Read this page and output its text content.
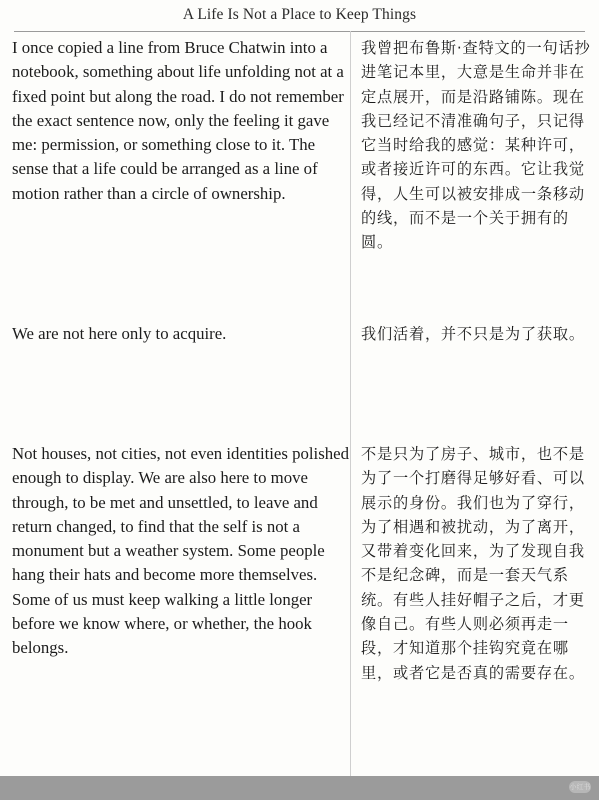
A Life Is Not a Place to Keep Things
I once copied a line from Bruce Chatwin into a notebook, something about life unfolding not at a fixed point but along the road. I do not remember the exact sentence now, only the feeling it gave me: permission, or something close to it. The sense that a life could be arranged as a line of motion rather than a circle of ownership.
我曾把布鲁斯·查特文的一句话抄进笔记本里，大意是生命并非在定点展开，而是沿路铺陈。现在我已经记不清准确句子，只记得它当时给我的感觉：某种许可，或者接近许可的东西。它让我觉得，人生可以被安排成一条移动的线，而不是一个关于拥有的圆。
We are not here only to acquire.	我们活着，并不只是为了获取。
Not houses, not cities, not even identities polished enough to display. We are also here to move through, to be met and unsettled, to leave and return changed, to find that the self is not a monument but a weather system. Some people hang their hats and become more themselves. Some of us must keep walking a little longer before we know where, or whether, the hook belongs.
不是只为了房子、城市，也不是为了一个打磨得足够好看、可以展示的身份。我们也为了穿行，为了相遇和被扰动，为了离开，又带着变化回来，为了发现自我不是纪念碑，而是一套天气系统。有些人挂好帽子之后，才更像自己。有些人则必须再走一段，才知道那个挂钩究竟在哪里，或者它是否真的需要存在。
小红书
